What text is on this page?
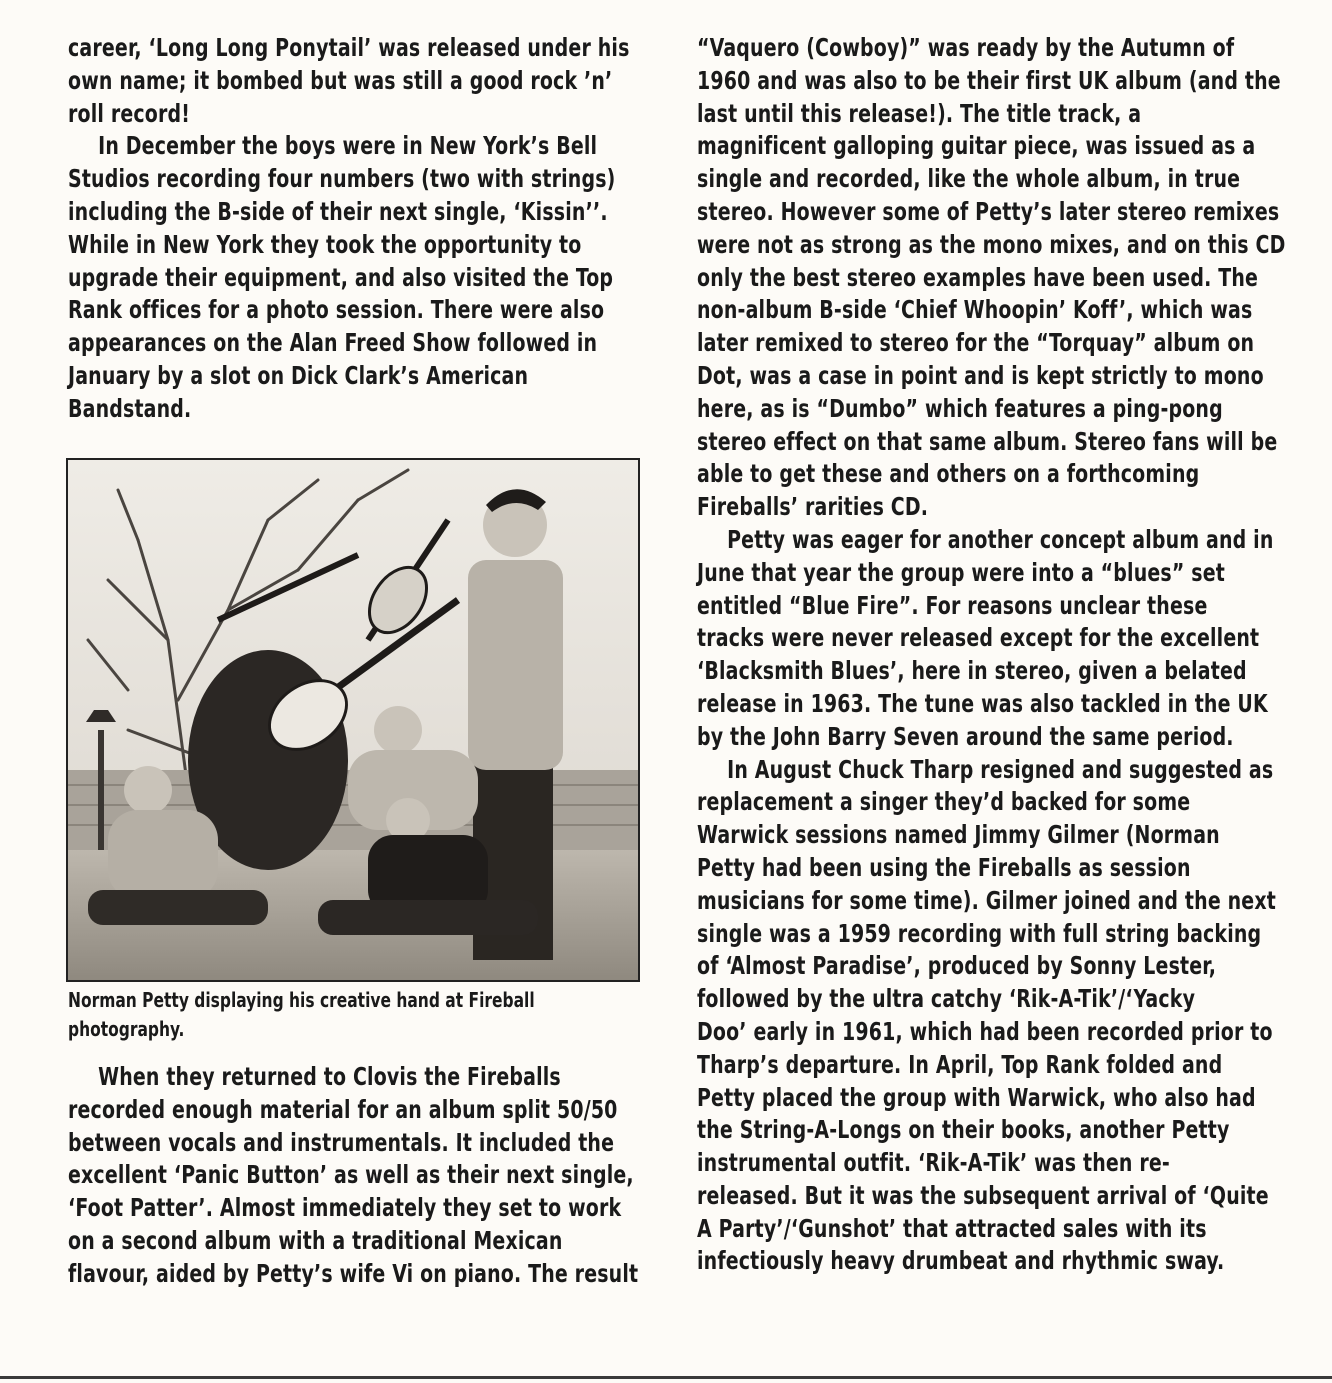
career, ‘Long Long Ponytail’ was released under his

own name; it bombed but was still a good rock ’n’

roll record!

In December the boys were in New York’s Bell

Studios recording four numbers (two with strings)

including the B-side of their next single, ‘Kissin’’.

While in New York they took the opportunity to

upgrade their equipment, and also visited the Top

Rank offices for a photo session. There were also

appearances on the Alan Freed Show followed in

January by a slot on Dick Clark’s American

Bandstand.

Norman Petty displaying his creative hand at Fireball

photography.

When they returned to Clovis the Fireballs

recorded enough material for an album split 50/50

between vocals and instrumentals. It included the

excellent ‘Panic Button’ as well as their next single,

‘Foot Patter’. Almost immediately they set to work

on a second album with a traditional Mexican

flavour, aided by Petty’s wife Vi on piano. The result

“Vaquero (Cowboy)” was ready by the Autumn of

1960 and was also to be their first UK album (and the

last until this release!). The title track, a

magnificent galloping guitar piece, was issued as a

single and recorded, like the whole album, in true

stereo. However some of Petty’s later stereo remixes

were not as strong as the mono mixes, and on this CD

only the best stereo examples have been used. The

non-album B-side ‘Chief Whoopin’ Koff’, which was

later remixed to stereo for the “Torquay” album on

Dot, was a case in point and is kept strictly to mono

here, as is “Dumbo” which features a ping-pong

stereo effect on that same album. Stereo fans will be

able to get these and others on a forthcoming

Fireballs’ rarities CD.

Petty was eager for another concept album and in

June that year the group were into a “blues” set

entitled “Blue Fire”. For reasons unclear these

tracks were never released except for the excellent

‘Blacksmith Blues’, here in stereo, given a belated

release in 1963. The tune was also tackled in the UK

by the John Barry Seven around the same period.

In August Chuck Tharp resigned and suggested as

replacement a singer they’d backed for some

Warwick sessions named Jimmy Gilmer (Norman

Petty had been using the Fireballs as session

musicians for some time). Gilmer joined and the next

single was a 1959 recording with full string backing

of ‘Almost Paradise’, produced by Sonny Lester,

followed by the ultra catchy ‘Rik-A-Tik’/‘Yacky

Doo’ early in 1961, which had been recorded prior to

Tharp’s departure. In April, Top Rank folded and

Petty placed the group with Warwick, who also had

the String-A-Longs on their books, another Petty

instrumental outfit. ‘Rik-A-Tik’ was then re-

released. But it was the subsequent arrival of ‘Quite

A Party’/‘Gunshot’ that attracted sales with its

infectiously heavy drumbeat and rhythmic sway.
